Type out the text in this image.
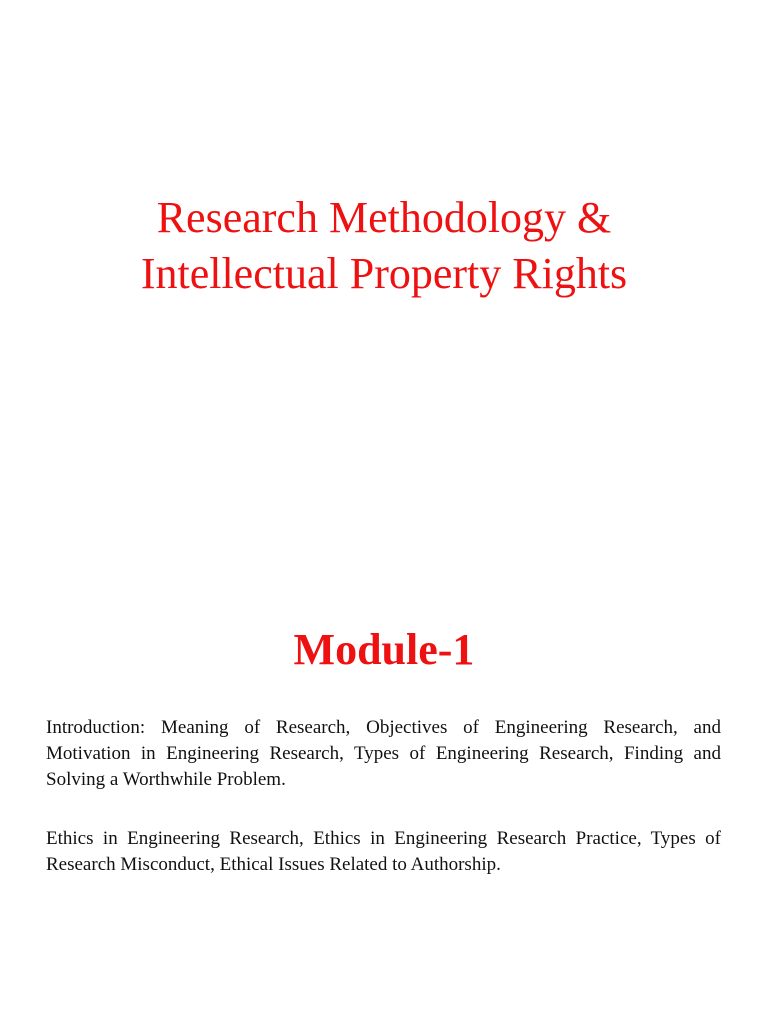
Research Methodology &
Intellectual Property Rights
Module-1

Introduction: Meaning of Research, Objectives of Engineering Research, and Motivation in Engineering Research, Types of Engineering Research, Finding and Solving a Worthwhile Problem.

Ethics in Engineering Research, Ethics in Engineering Research Practice, Types of Research Misconduct, Ethical Issues Related to Authorship.
